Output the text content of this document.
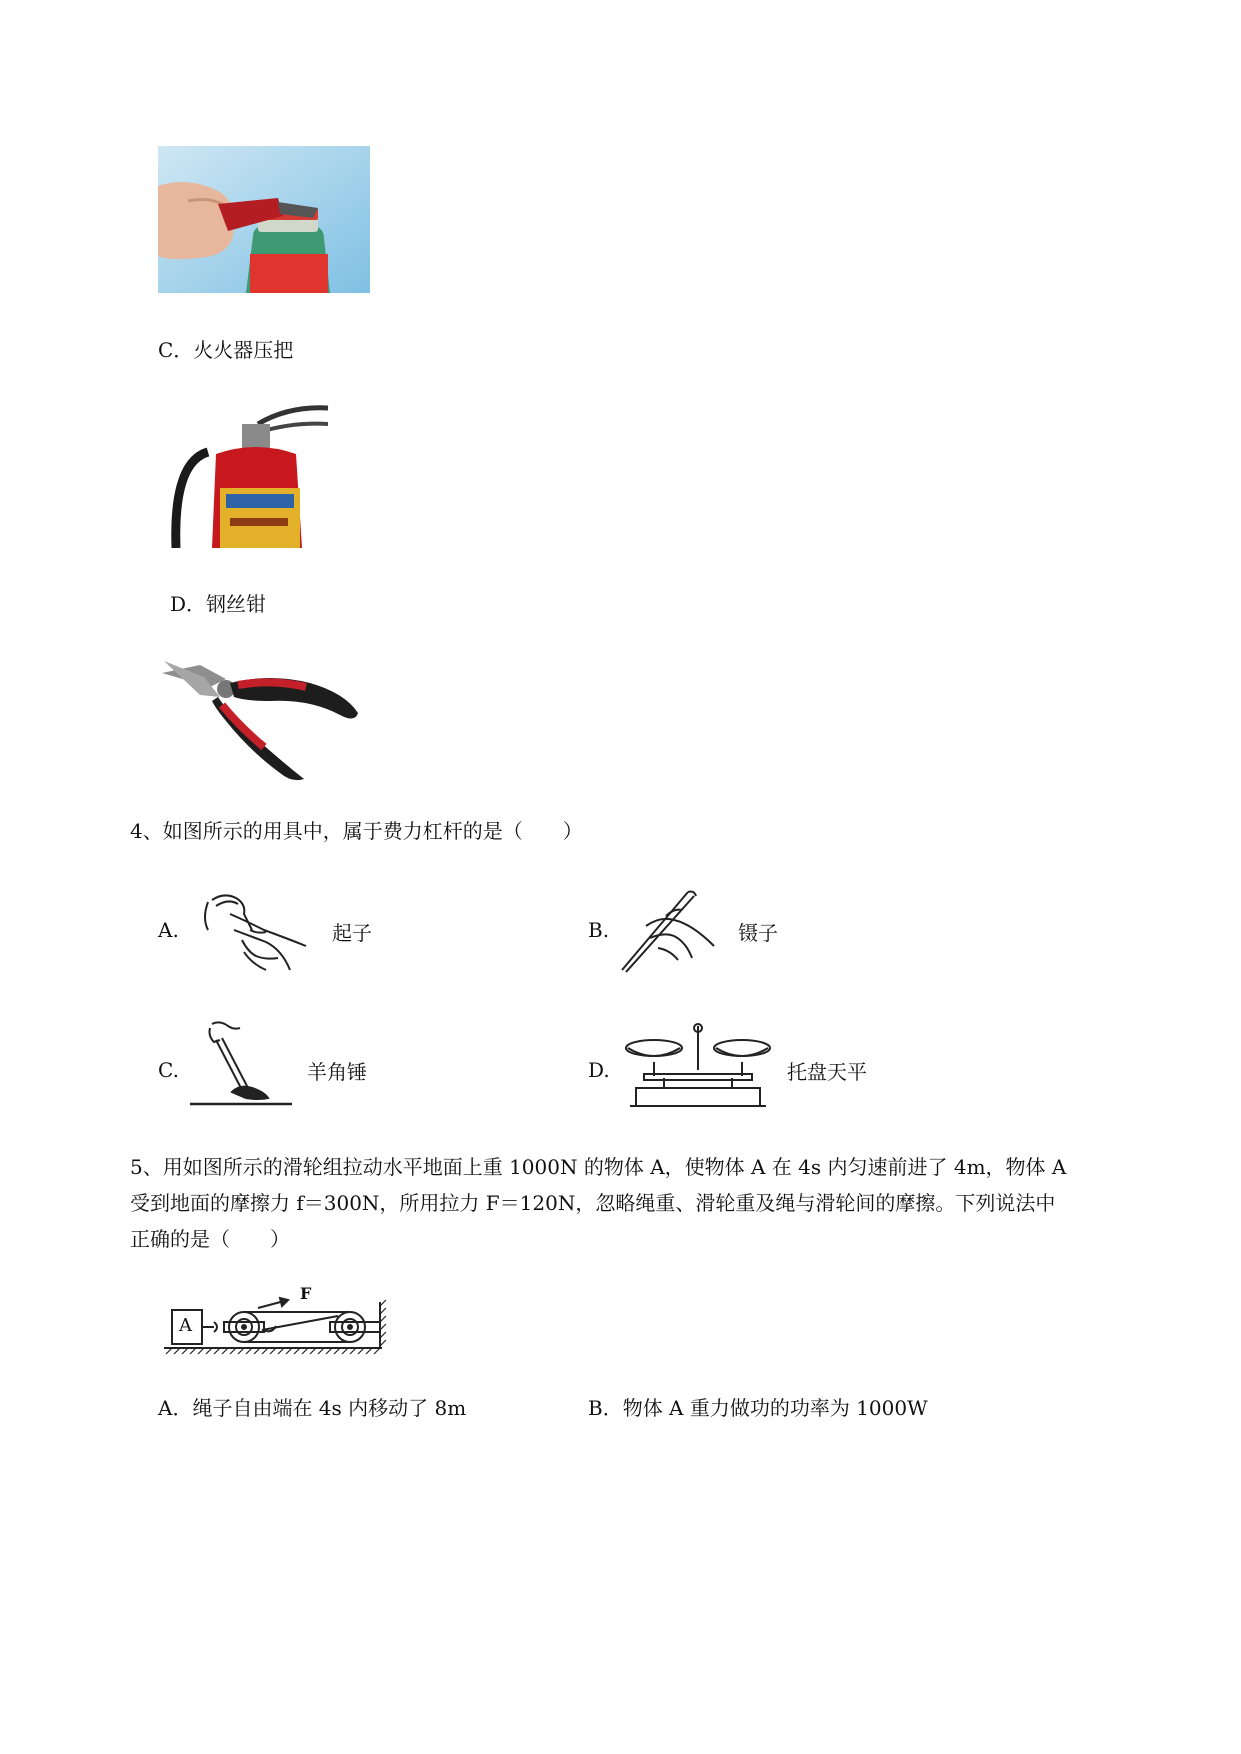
C．火火器压把
D．钢丝钳
4、如图所示的用具中，属于费力杠杆的是（　　）
A.	起子	B.	镊子
C.	羊角锤	D.	托盘天平
5、用如图所示的滑轮组拉动水平地面上重 1000N 的物体 A，使物体 A 在 4s 内匀速前进了 4m，物体 A
受到地面的摩擦力 f＝300N，所用拉力 F＝120N，忽略绳重、滑轮重及绳与滑轮间的摩擦。下列说法中
正确的是（　　）
A
F
A．绳子自由端在 4s 内移动了 8m	B．物体 A 重力做功的功率为 1000W
